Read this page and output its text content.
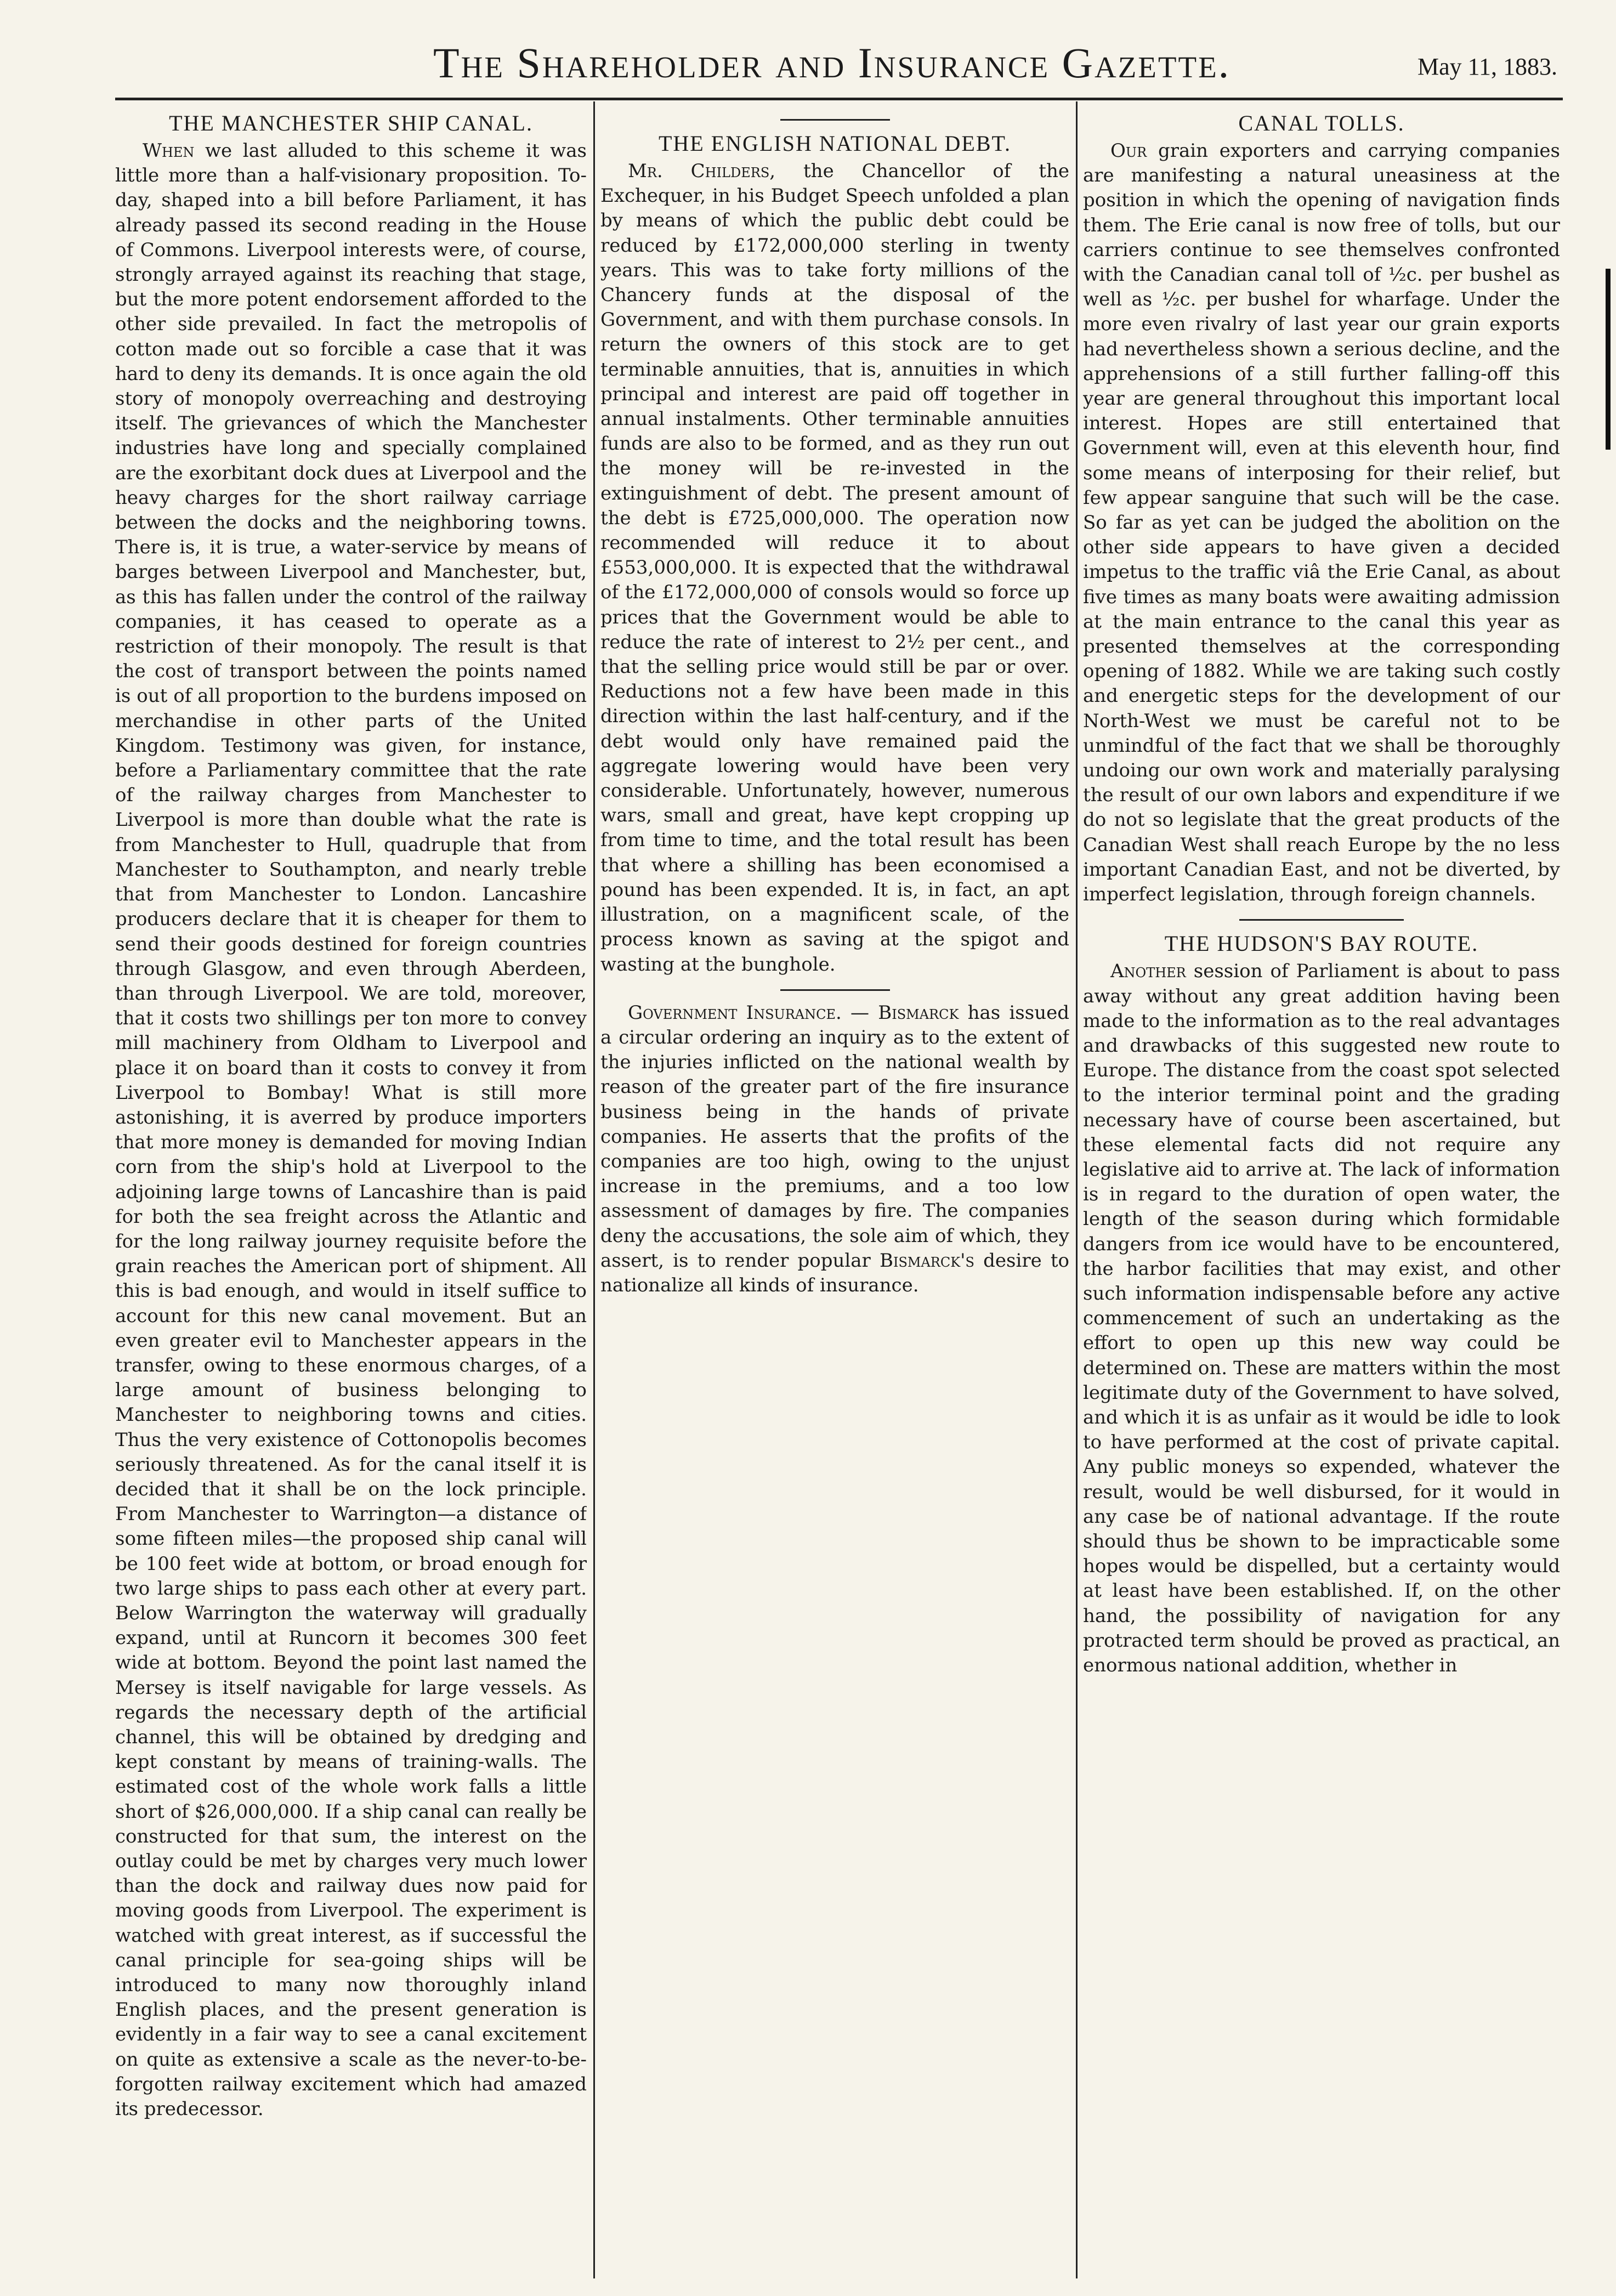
The Shareholder and Insurance Gazette.	May 11, 1883.
THE MANCHESTER SHIP CANAL.

When we last alluded to this scheme it was little more than a half-visionary proposition. To-day, shaped into a bill before Parliament, it has already passed its second reading in the House of Commons. Liverpool interests were, of course, strongly arrayed against its reaching that stage, but the more potent endorsement afforded to the other side prevailed. In fact the metropolis of cotton made out so forcible a case that it was hard to deny its demands. It is once again the old story of monopoly overreaching and destroying itself. The grievances of which the Manchester industries have long and specially complained are the exorbitant dock dues at Liverpool and the heavy charges for the short railway carriage between the docks and the neighboring towns. There is, it is true, a water-service by means of barges between Liverpool and Manchester, but, as this has fallen under the control of the railway companies, it has ceased to operate as a restriction of their monopoly. The result is that the cost of transport between the points named is out of all proportion to the burdens imposed on merchandise in other parts of the United Kingdom. Testimony was given, for instance, before a Parliamentary committee that the rate of the railway charges from Manchester to Liverpool is more than double what the rate is from Manchester to Hull, quadruple that from Manchester to Southampton, and nearly treble that from Manchester to London. Lancashire producers declare that it is cheaper for them to send their goods destined for foreign countries through Glasgow, and even through Aberdeen, than through Liverpool. We are told, moreover, that it costs two shillings per ton more to convey mill machinery from Oldham to Liverpool and place it on board than it costs to convey it from Liverpool to Bombay! What is still more astonishing, it is averred by produce importers that more money is demanded for moving Indian corn from the ship's hold at Liverpool to the adjoining large towns of Lancashire than is paid for both the sea freight across the Atlantic and for the long railway journey requisite before the grain reaches the American port of shipment. All this is bad enough, and would in itself suffice to account for this new canal movement. But an even greater evil to Manchester appears in the transfer, owing to these enormous charges, of a large amount of business belonging to Manchester to neighboring towns and cities. Thus the very existence of Cottonopolis becomes seriously threatened. As for the canal itself it is decided that it shall be on the lock principle. From Manchester to Warrington—a distance of some fifteen miles—the proposed ship canal will be 100 feet wide at bottom, or broad enough for two large ships to pass each other at every part. Below Warrington the waterway will gradually expand, until at Runcorn it becomes 300 feet wide at bottom. Beyond the point last named the Mersey is itself navigable for large vessels. As regards the necessary depth of the artificial channel, this will be obtained by dredging and kept constant by means of training-walls. The estimated cost of the whole work falls a little short of $26,000,000. If a ship canal can really be constructed for that sum, the interest on the outlay could be met by charges very much lower than the dock and railway dues now paid for moving goods from Liverpool. The experiment is watched with great interest, as if successful the canal principle for sea-going ships will be introduced to many now thoroughly inland English places, and the present generation is evidently in a fair way to see a canal excitement on quite as extensive a scale as the never-to-be-forgotten railway excitement which had amazed its predecessor.

THE ENGLISH NATIONAL DEBT.

Mr. Childers, the Chancellor of the Exchequer, in his Budget Speech unfolded a plan by means of which the public debt could be reduced by £172,000,000 sterling in twenty years. This was to take forty millions of the Chancery funds at the disposal of the Government, and with them purchase consols. In return the owners of this stock are to get terminable annuities, that is, annuities in which principal and interest are paid off together in annual instalments. Other terminable annuities funds are also to be formed, and as they run out the money will be re-invested in the extinguishment of debt. The present amount of the debt is £725,000,000. The operation now recommended will reduce it to about £553,000,000. It is expected that the withdrawal of the £172,000,000 of consols would so force up prices that the Government would be able to reduce the rate of interest to 2½ per cent., and that the selling price would still be par or over. Reductions not a few have been made in this direction within the last half-century, and if the debt would only have remained paid the aggregate lowering would have been very considerable. Unfortunately, however, numerous wars, small and great, have kept cropping up from time to time, and the total result has been that where a shilling has been economised a pound has been expended. It is, in fact, an apt illustration, on a magnificent scale, of the process known as saving at the spigot and wasting at the bunghole.

Government Insurance. — Bismarck has issued a circular ordering an inquiry as to the extent of the injuries inflicted on the national wealth by reason of the greater part of the fire insurance business being in the hands of private companies. He asserts that the profits of the companies are too high, owing to the unjust increase in the premiums, and a too low assessment of damages by fire. The companies deny the accusations, the sole aim of which, they assert, is to render popular Bismarck's desire to nationalize all kinds of insurance.

CANAL TOLLS.

Our grain exporters and carrying companies are manifesting a natural uneasiness at the position in which the opening of navigation finds them. The Erie canal is now free of tolls, but our carriers continue to see themselves confronted with the Canadian canal toll of ½c. per bushel as well as ½c. per bushel for wharfage. Under the more even rivalry of last year our grain exports had nevertheless shown a serious decline, and the apprehensions of a still further falling-off this year are general throughout this important local interest. Hopes are still entertained that Government will, even at this eleventh hour, find some means of interposing for their relief, but few appear sanguine that such will be the case. So far as yet can be judged the abolition on the other side appears to have given a decided impetus to the traffic viâ the Erie Canal, as about five times as many boats were awaiting admission at the main entrance to the canal this year as presented themselves at the corresponding opening of 1882. While we are taking such costly and energetic steps for the development of our North-West we must be careful not to be unmindful of the fact that we shall be thoroughly undoing our own work and materially paralysing the result of our own labors and expenditure if we do not so legislate that the great products of the Canadian West shall reach Europe by the no less important Canadian East, and not be diverted, by imperfect legislation, through foreign channels.

THE HUDSON'S BAY ROUTE.

Another session of Parliament is about to pass away without any great addition having been made to the information as to the real advantages and drawbacks of this suggested new route to Europe. The distance from the coast spot selected to the interior terminal point and the grading necessary have of course been ascertained, but these elemental facts did not require any legislative aid to arrive at. The lack of information is in regard to the duration of open water, the length of the season during which formidable dangers from ice would have to be encountered, the harbor facilities that may exist, and other such information indispensable before any active commencement of such an undertaking as the effort to open up this new way could be determined on. These are matters within the most legitimate duty of the Government to have solved, and which it is as unfair as it would be idle to look to have performed at the cost of private capital. Any public moneys so expended, whatever the result, would be well disbursed, for it would in any case be of national advantage. If the route should thus be shown to be impracticable some hopes would be dispelled, but a certainty would at least have been established. If, on the other hand, the possibility of navigation for any protracted term should be proved as practical, an enormous national addition, whether in
